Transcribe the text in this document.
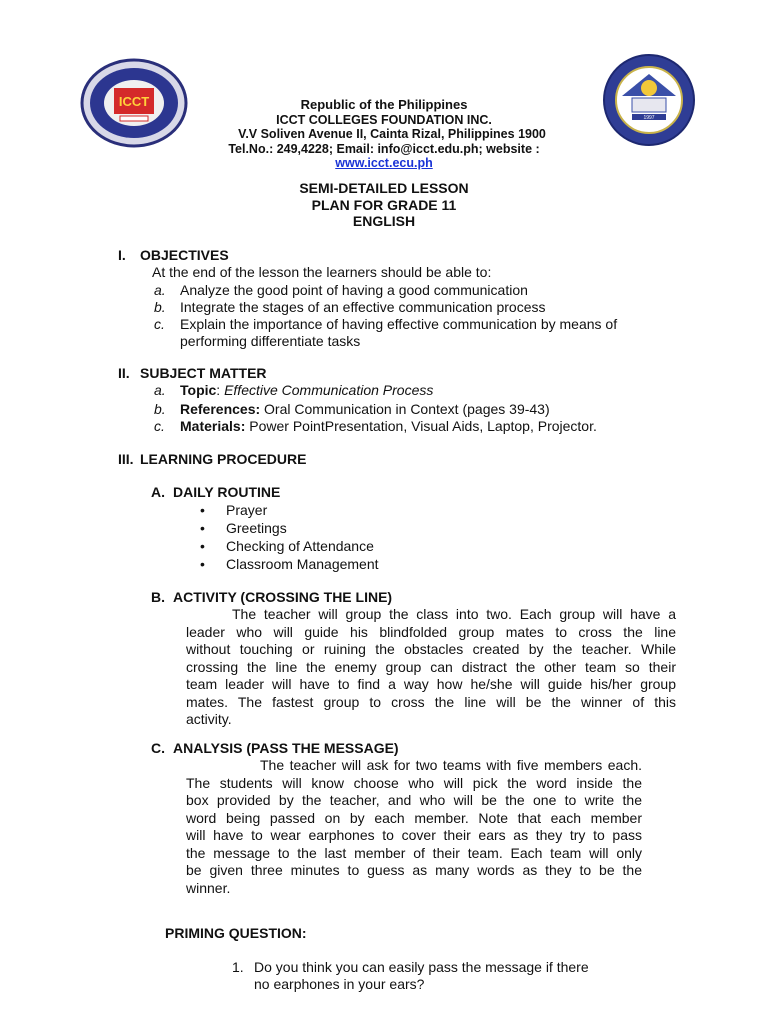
ICCT
1997
Republic of the Philippines
ICCT COLLEGES FOUNDATION INC.
V.V Soliven Avenue II, Cainta Rizal, Philippines 1900
Tel.No.: 249,4228; Email: info@icct.edu.ph; website :
www.icct.ecu.ph
SEMI-DETAILED LESSON
PLAN FOR GRADE 11
ENGLISH
I. OBJECTIVES
At the end of the lesson the learners should be able to:
a. Analyze the good point of having a good communication
b. Integrate the stages of an effective communication process
c. Explain the importance of having effective communication by means of
performing differentiate tasks
II. SUBJECT MATTER
a. Topic: Effective Communication Process
b. References: Oral Communication in Context (pages 39-43)
c. Materials: Power PointPresentation, Visual Aids, Laptop, Projector.
III. LEARNING PROCEDURE
A. DAILY ROUTINE
• Prayer
• Greetings
• Checking of Attendance
• Classroom Management
B. ACTIVITY (CROSSING THE LINE)
The teacher will group the class into two. Each group will have a
leader who will guide his blindfolded group mates to cross the line
without touching or ruining the obstacles created by the teacher. While
crossing the line the enemy group can distract the other team so their
team leader will have to find a way how he/she will guide his/her group
mates. The fastest group to cross the line will be the winner of this
activity.
C. ANALYSIS (PASS THE MESSAGE)
The teacher will ask for two teams with five members each.
The students will know choose who will pick the word inside the
box provided by the teacher, and who will be the one to write the
word being passed on by each member. Note that each member
will have to wear earphones to cover their ears as they try to pass
the message to the last member of their team. Each team will only
be given three minutes to guess as many words as they to be the
winner.
PRIMING QUESTION:
1. Do you think you can easily pass the message if there
no earphones in your ears?
